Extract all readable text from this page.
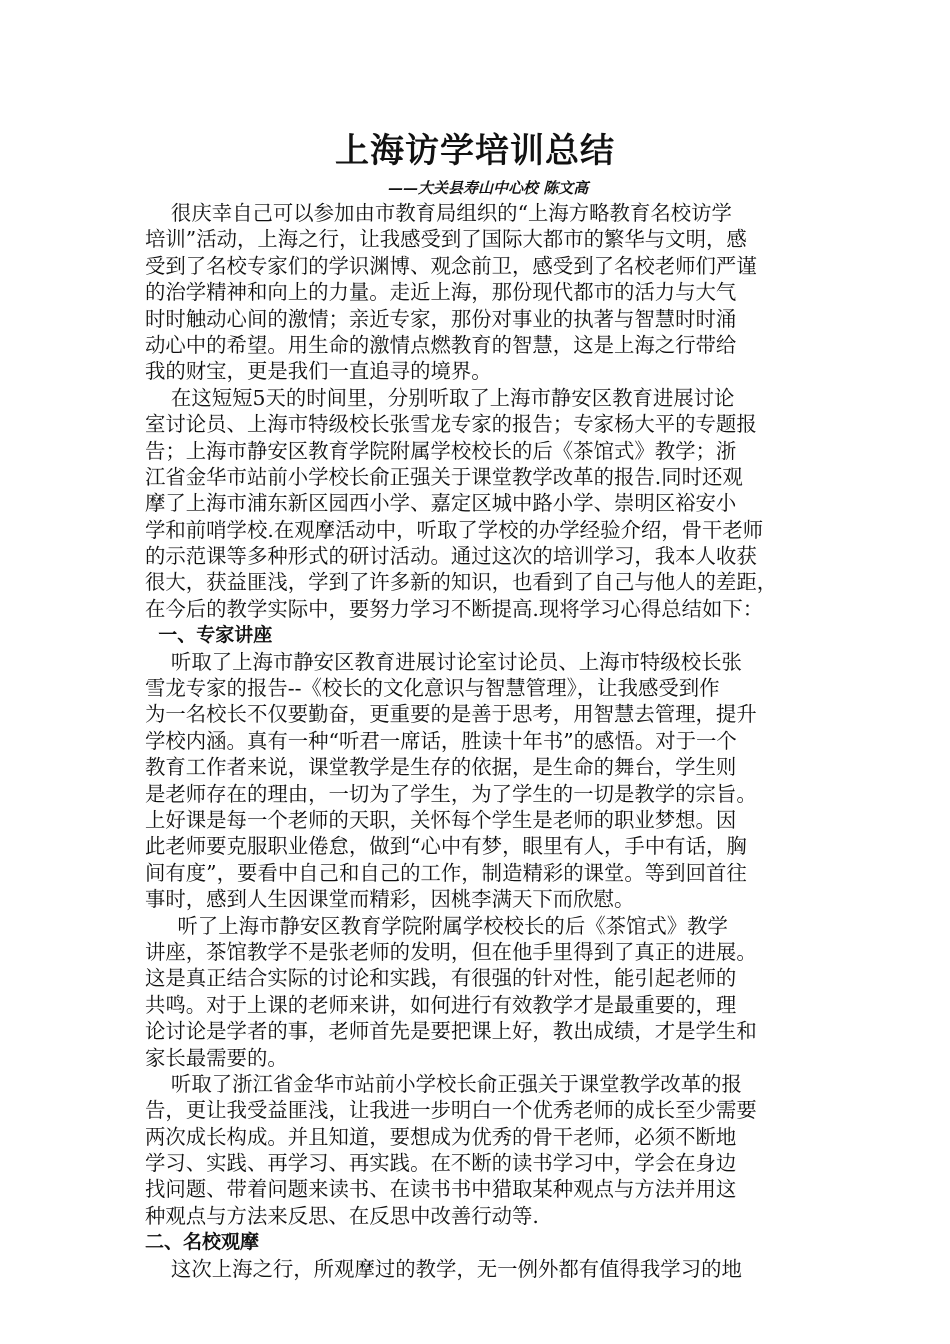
上海访学培训总结
——大关县寿山中心校 陈文高
很庆幸自己可以参加由市教育局组织的“上海方略教育名校访学
培训”活动，上海之行，让我感受到了国际大都市的繁华与文明，感
受到了名校专家们的学识渊博、观念前卫，感受到了名校老师们严谨
的治学精神和向上的力量。走近上海，那份现代都市的活力与大气
时时触动心间的激情；亲近专家，那份对事业的执著与智慧时时涌
动心中的希望。用生命的激情点燃教育的智慧，这是上海之行带给
我的财宝，更是我们一直追寻的境界。
在这短短5天的时间里，分别听取了上海市静安区教育进展讨论
室讨论员、上海市特级校长张雪龙专家的报告；专家杨大平的专题报
告；上海市静安区教育学院附属学校校长的后《茶馆式》教学；浙
江省金华市站前小学校长俞正强关于课堂教学改革的报告.同时还观
摩了上海市浦东新区园西小学、嘉定区城中路小学、崇明区裕安小
学和前哨学校.在观摩活动中，听取了学校的办学经验介绍，骨干老师
的示范课等多种形式的研讨活动。通过这次的培训学习，我本人收获
很大，获益匪浅，学到了许多新的知识，也看到了自己与他人的差距，
在今后的教学实际中，要努力学习不断提高.现将学习心得总结如下：
一、专家讲座
听取了上海市静安区教育进展讨论室讨论员、上海市特级校长张
雪龙专家的报告--《校长的文化意识与智慧管理》，让我感受到作
为一名校长不仅要勤奋，更重要的是善于思考，用智慧去管理，提升
学校内涵。真有一种“听君一席话，胜读十年书”的感悟。对于一个
教育工作者来说，课堂教学是生存的依据，是生命的舞台，学生则
是老师存在的理由，一切为了学生，为了学生的一切是教学的宗旨。
上好课是每一个老师的天职，关怀每个学生是老师的职业梦想。因
此老师要克服职业倦怠，做到“心中有梦，眼里有人，手中有话，胸
间有度”，要看中自己和自己的工作，制造精彩的课堂。等到回首往
事时，感到人生因课堂而精彩，因桃李满天下而欣慰。
听了上海市静安区教育学院附属学校校长的后《茶馆式》教学
讲座，茶馆教学不是张老师的发明，但在他手里得到了真正的进展。
这是真正结合实际的讨论和实践，有很强的针对性，能引起老师的
共鸣。对于上课的老师来讲，如何进行有效教学才是最重要的，理
论讨论是学者的事，老师首先是要把课上好，教出成绩，才是学生和
家长最需要的。
听取了浙江省金华市站前小学校长俞正强关于课堂教学改革的报
告，更让我受益匪浅，让我进一步明白一个优秀老师的成长至少需要
两次成长构成。并且知道，要想成为优秀的骨干老师，必须不断地
学习、实践、再学习、再实践。在不断的读书学习中，学会在身边
找问题、带着问题来读书、在读书书中猎取某种观点与方法并用这
种观点与方法来反思、在反思中改善行动等.
二、名校观摩
这次上海之行，所观摩过的教学，无一例外都有值得我学习的地
